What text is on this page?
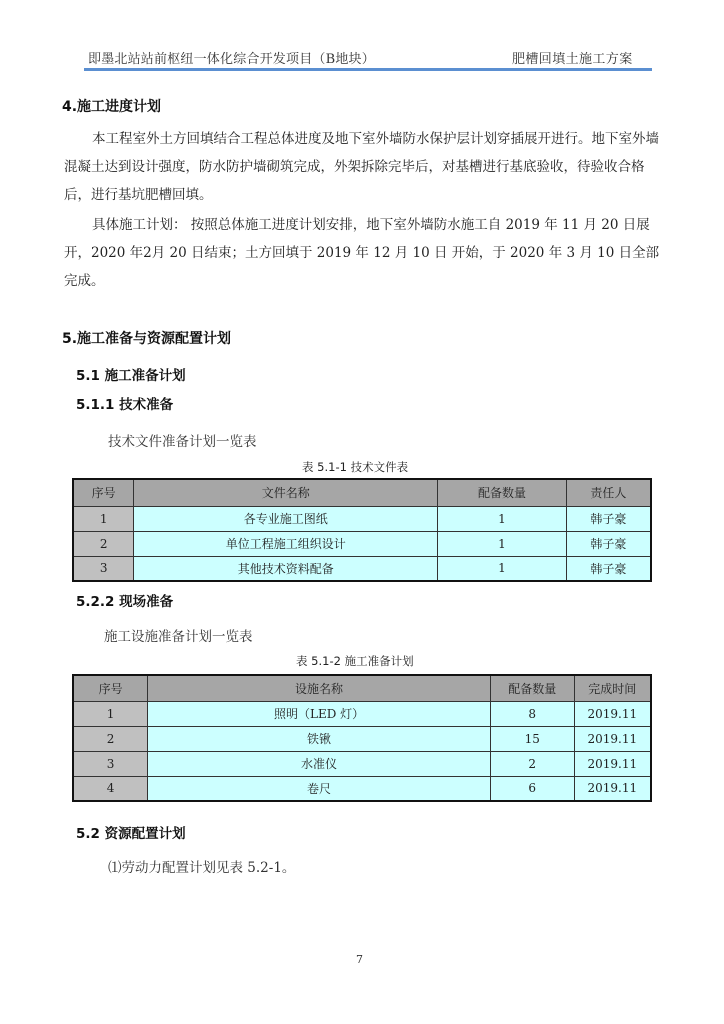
即墨北站站前枢纽一体化综合开发项目（B地块）	肥槽回填土施工方案
4.施工进度计划
本工程室外土方回填结合工程总体进度及地下室外墙防水保护层计划穿插展开进行。地下室外墙混凝土达到设计强度，防水防护墙砌筑完成，外架拆除完毕后，对基槽进行基底验收，待验收合格后，进行基坑肥槽回填。
具体施工计划： 按照总体施工进度计划安排，地下室外墙防水施工自 2019 年 11 月 20 日展开，2020 年2月 20 日结束；土方回填于 2019 年 12 月 10 日 开始，于 2020 年 3 月 10 日全部完成。
5.施工准备与资源配置计划
5.1 施工准备计划
5.1.1 技术准备
技术文件准备计划一览表
表 5.1-1 技术文件表
序号	文件名称	配备数量	责任人
1	各专业施工图纸	1	韩子豪
2	单位工程施工组织设计	1	韩子豪
3	其他技术资料配备	1	韩子豪
5.2.2 现场准备
施工设施准备计划一览表
表 5.1-2 施工准备计划
序号	设施名称	配备数量	完成时间
1	照明（LED 灯）	8	2019.11
2	铁锹	15	2019.11
3	水准仪	2	2019.11
4	卷尺	6	2019.11
5.2 资源配置计划
⑴劳动力配置计划见表 5.2-1。
7
